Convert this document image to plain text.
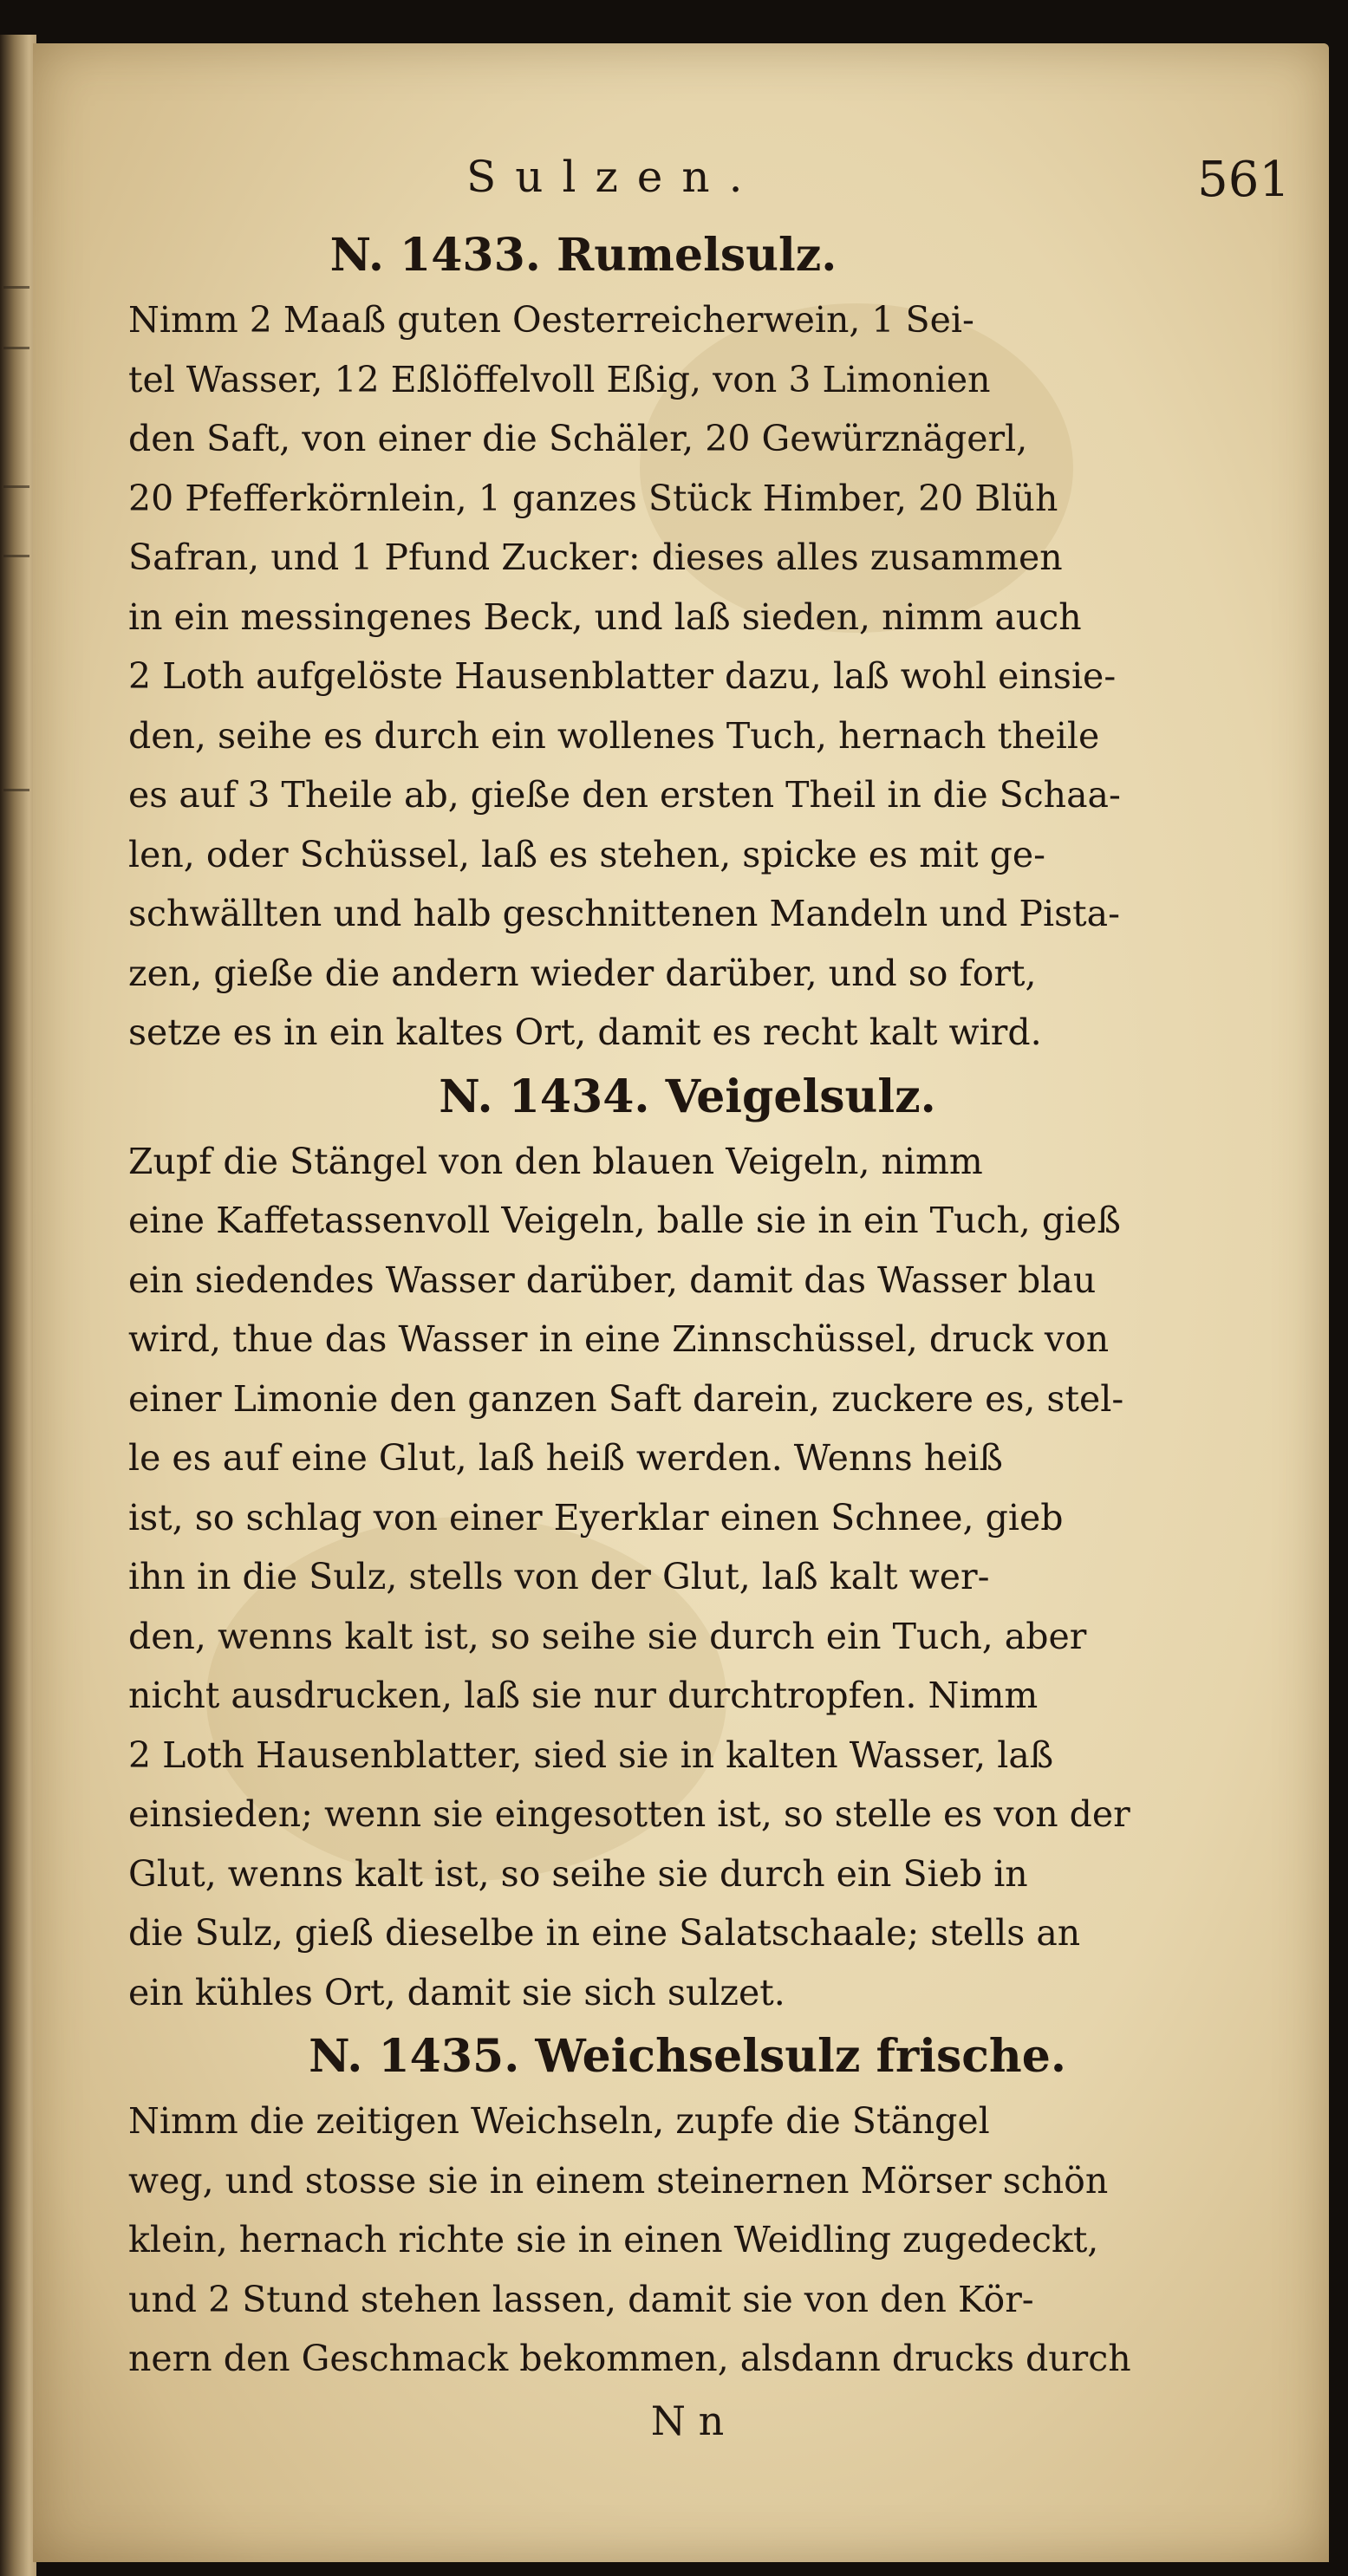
Sulzen.	561
N. 1433. Rumelsulz.

Nimm 2 Maaß guten Oesterreicherwein, 1 Sei-
tel Wasser, 12 Eßlöffelvoll Eßig, von 3 Limonien
den Saft, von einer die Schäler, 20 Gewürznägerl,
20 Pfefferkörnlein, 1 ganzes Stück Himber, 20 Blüh
Safran, und 1 Pfund Zucker: dieses alles zusammen
in ein messingenes Beck, und laß sieden, nimm auch
2 Loth aufgelöste Hausenblatter dazu, laß wohl einsie-
den, seihe es durch ein wollenes Tuch, hernach theile
es auf 3 Theile ab, gieße den ersten Theil in die Schaa-
len, oder Schüssel, laß es stehen, spicke es mit ge-
schwällten und halb geschnittenen Mandeln und Pista-
zen, gieße die andern wieder darüber, und so fort,
setze es in ein kaltes Ort, damit es recht kalt wird.

N. 1434. Veigelsulz.

Zupf die Stängel von den blauen Veigeln, nimm
eine Kaffetassenvoll Veigeln, balle sie in ein Tuch, gieß
ein siedendes Wasser darüber, damit das Wasser blau
wird, thue das Wasser in eine Zinnschüssel, druck von
einer Limonie den ganzen Saft darein, zuckere es, stel-
le es auf eine Glut, laß heiß werden. Wenns heiß
ist, so schlag von einer Eyerklar einen Schnee, gieb
ihn in die Sulz, stells von der Glut, laß kalt wer-
den, wenns kalt ist, so seihe sie durch ein Tuch, aber
nicht ausdrucken, laß sie nur durchtropfen. Nimm
2 Loth Hausenblatter, sied sie in kalten Wasser, laß
einsieden; wenn sie eingesotten ist, so stelle es von der
Glut, wenns kalt ist, so seihe sie durch ein Sieb in
die Sulz, gieß dieselbe in eine Salatschaale; stells an
ein kühles Ort, damit sie sich sulzet.

N. 1435. Weichselsulz frische.

Nimm die zeitigen Weichseln, zupfe die Stängel
weg, und stosse sie in einem steinernen Mörser schön
klein, hernach richte sie in einen Weidling zugedeckt,
und 2 Stund stehen lassen, damit sie von den Kör-
nern den Geschmack bekommen, alsdann drucks durch

N n
